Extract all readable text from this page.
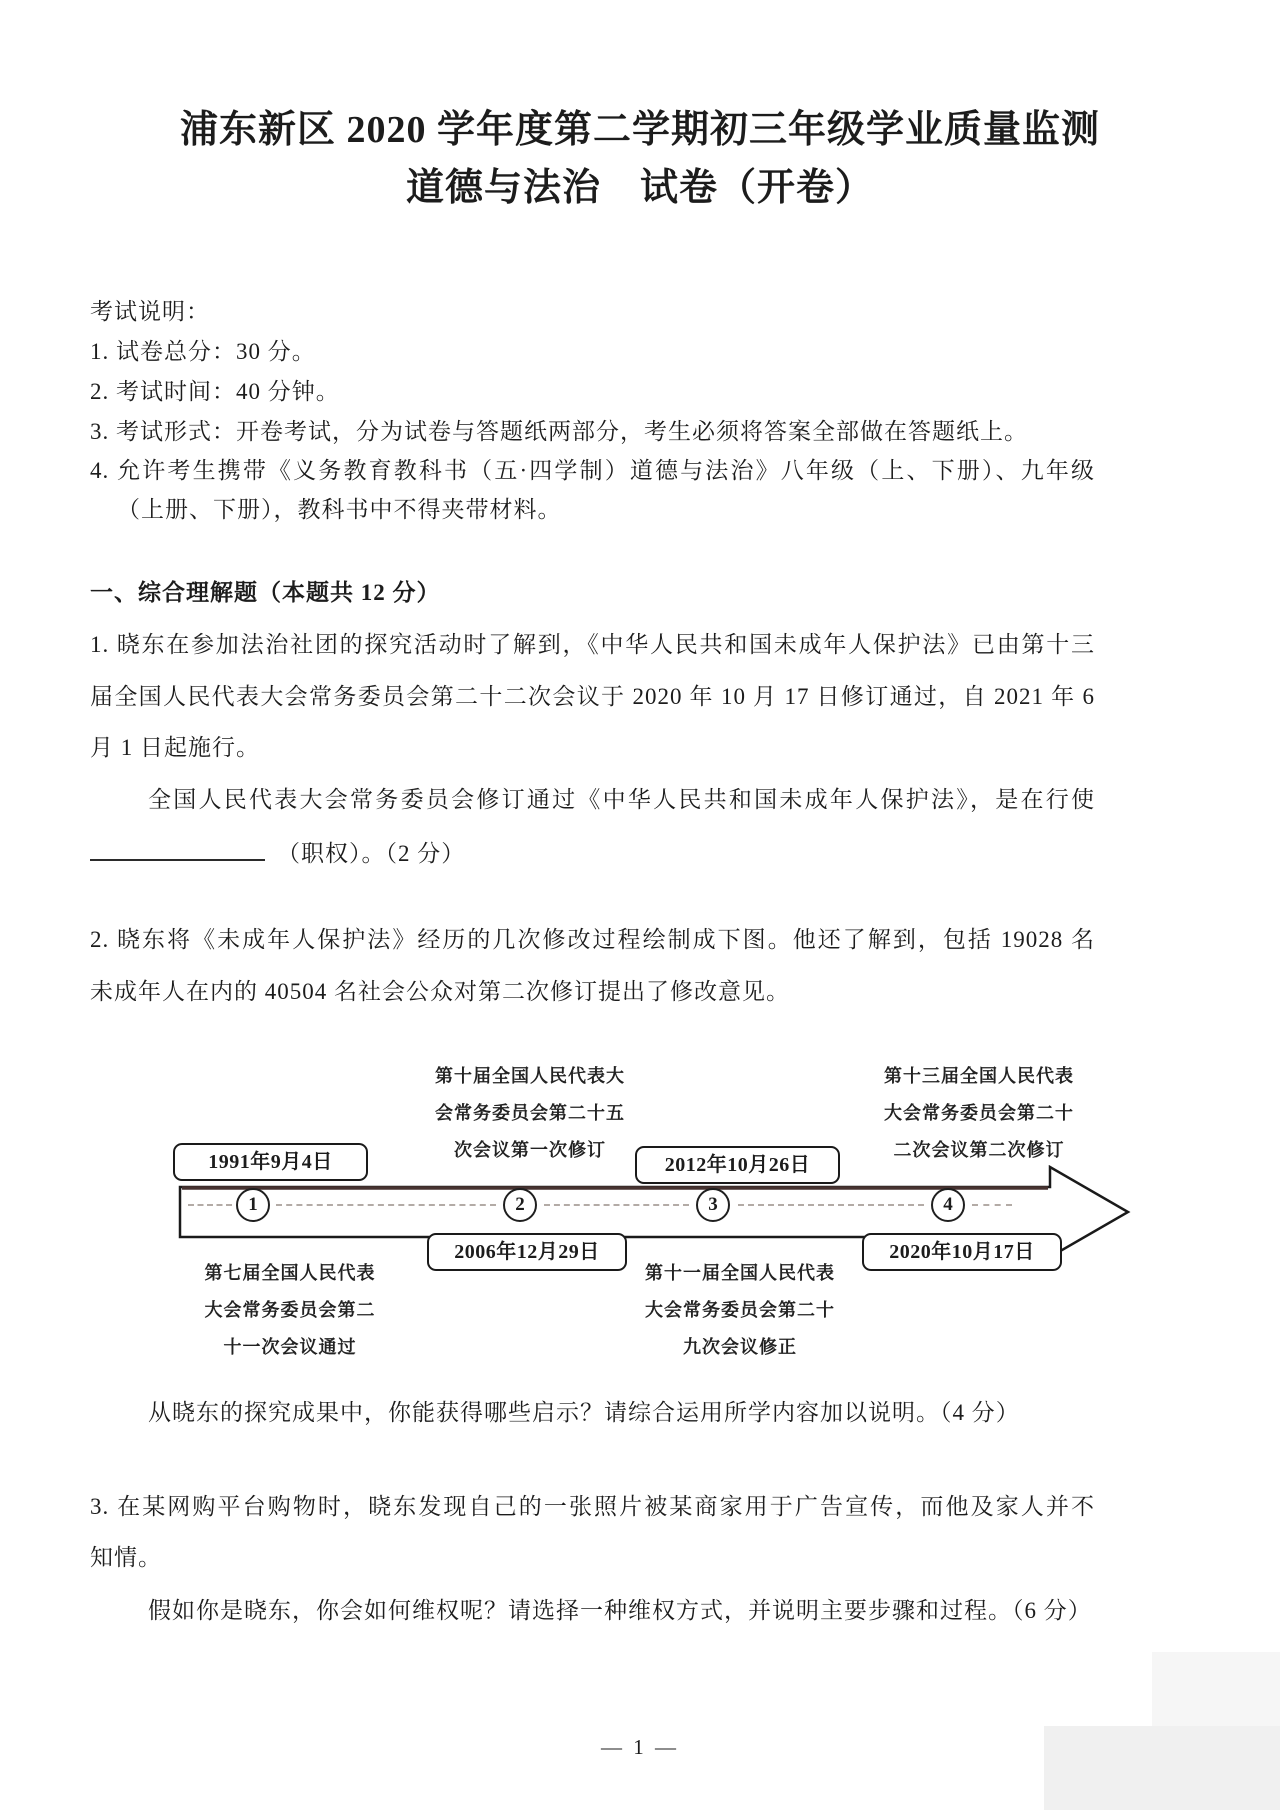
浦东新区 2020 学年度第二学期初三年级学业质量监测
道德与法治　试卷（开卷）
考试说明：
1. 试卷总分：30 分。
2. 考试时间：40 分钟。
3. 考试形式：开卷考试，分为试卷与答题纸两部分，考生必须将答案全部做在答题纸上。
4. 允许考生携带《义务教育教科书（五·四学制）道德与法治》八年级（上、下册）、九年级
（上册、下册），教科书中不得夹带材料。
一、综合理解题（本题共 12 分）
1. 晓东在参加法治社团的探究活动时了解到，《中华人民共和国未成年人保护法》已由第十三
届全国人民代表大会常务委员会第二十二次会议于 2020 年 10 月 17 日修订通过，自 2021 年 6
月 1 日起施行。
全国人民代表大会常务委员会修订通过《中华人民共和国未成年人保护法》，是在行使
（职权）。（2 分）
2. 晓东将《未成年人保护法》经历的几次修改过程绘制成下图。他还了解到，包括 19028 名
未成年人在内的 40504 名社会公众对第二次修订提出了修改意见。
第十届全国人民代表大
会常务委员会第二十五
次会议第一次修订
第十三届全国人民代表
大会常务委员会第二十
二次会议第二次修订
1991年9月4日	2012年10月26日
1	2	3	4
2006年12月29日	2020年10月17日
第七届全国人民代表
大会常务委员会第二
十一次会议通过
第十一届全国人民代表
大会常务委员会第二十
九次会议修正
从晓东的探究成果中，你能获得哪些启示？请综合运用所学内容加以说明。（4 分）
3. 在某网购平台购物时，晓东发现自己的一张照片被某商家用于广告宣传，而他及家人并不
知情。
假如你是晓东，你会如何维权呢？请选择一种维权方式，并说明主要步骤和过程。（6 分）
— 1 —
